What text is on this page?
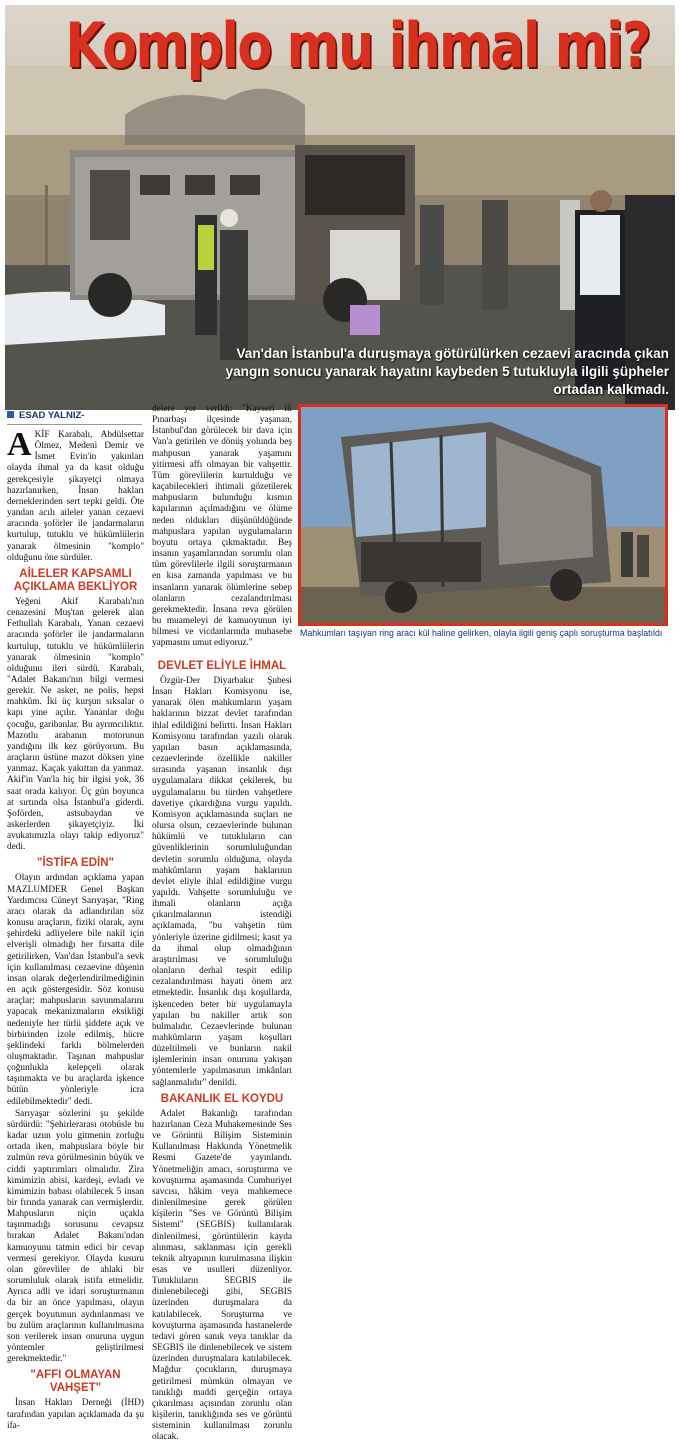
Komplo mu ihmal mi?
Van'dan İstanbul'a duruşmaya götürülürken cezaevi aracında çıkan yangın sonucu yanarak hayatını kaybeden 5 tutukluyla ilgili şüpheler ortadan kalkmadı.
ESAD YALNIZ-

AKİF Karabalı, Abdülsettar Ölmez, Medeni Demir ve İsmet Evin'in yakınları olayda ihmal ya da kasıt olduğu gerekçesiyle şikayetçi olmaya hazırlanırken, İnsan hakları derneklerinden sert tepki geldi. Öte yandan acılı aileler yanan cezaevi aracında şoförler ile jandarmaların kurtulup, tutuklu ve hükümlülerin yanarak ölmesinin "komplo" olduğunu öne sürdüler.

AİLELER KAPSAMLI AÇIKLAMA BEKLİYOR

Yeğeni Akif Karabalı'nın cenazesini Muş'tan gelerek alan Fethullah Karabalı, Yanan cezaevi aracında şoförler ile jandarmaların kurtulup, tutuklu ve hükümlülerin yanarak ölmesinin "komplo" olduğunu ileri sürdü. Karabalı, "Adalet Bakanı'nın bilgi vermesi gerekir. Ne asker, ne polis, hepsi mahkûm. İki üç kurşun sıksalar o kapı yine açılır. Yananlar doğu çocuğu, garibanlar. Bu ayrımcılıktır. Mazotlu arabanın motorunun yandığını ilk kez görüyorum. Bu araçların üstüne mazot döksen yine yanmaz. Kaçak yakıttan da yanmaz. Akif'in Van'la hiç bir ilgisi yok, 36 saat orada kalıyor. Üç gün boyunca at sırtında olsa İstanbul'a giderdi. Şoförden, astsubaydan ve askerlerden şikayetçiyiz. İki avukatımızla olayı takip ediyoruz" dedi.

"İSTİFA EDİN"

Olayın ardından açıklama yapan MAZLUMDER Genel Başkan Yardımcısı Cüneyt Sarıyaşar, "Ring aracı olarak da adlandırılan söz konusu araçların, fiziki olarak, aynı şehirdeki adliyelere bile nakil için elverişli olmadığı her fırsatta dile getirilirken, Van'dan İstanbul'a sevk için kullanılması cezaevine düşenin insan olarak değerlendirilmediğinin en açık göstergesidir. Söz konusu araçlar; mahpusların savunmalarını yapacak mekanizmaların eksikliği nedeniyle her türlü şiddete açık ve birbirinden izole edilmiş, hücre şeklindeki farklı bölmelerden oluşmaktadır. Taşınan mahpuslar çoğunlukla kelepçeli olarak taşınmakta ve bu araçlarda işkence bütün yönleriyle icra edilebilmektedir" dedi.

Sarıyaşar sözlerini şu şekilde sürdürdü: "Şehirlerarası otobüsle bu kadar uzun yolu gitmenin zorluğu ortada iken, mahpuslara böyle bir zulmün reva görülmesinin büyük ve ciddi yaptırımları olmalıdır. Zira kimimizin abisi, kardeşi, evladı ve kimimizin babası olabilecek 5 insan bir fırında yanarak can vermişlerdir. Mahpusların niçin uçakla taşınmadığı sorusunu cevapsız bırakan Adalet Bakanı'ndan kamuoyunu tatmin edici bir cevap vermesi gerekiyor. Olayda kusuru olan görevliler de ahlaki bir sorumluluk olarak istifa etmelidir. Ayrıca adli ve idari soruşturmanın da bir an önce yapılması, olayın gerçek boyutunun aydınlanması ve bu zulüm araçlarının kullanılmasına son verilerek insan onuruna uygun yöntemler geliştirilmesi gerekmektedir."

"AFFI OLMAYAN VAHŞET"

İnsan Hakları Derneği (İHD) tarafından yapılan açıklamada da şu ifa-

delere yer verildi: "Kayseri ili Pınarbaşı ilçesinde yaşanan, İstanbul'dan görülecek bir dava için Van'a getirilen ve dönüş yolunda beş mahpusun yanarak yaşamını yitirmesi affı olmayan bir vahşettir. Tüm görevlilerin kurtulduğu ve kaçabilecekleri ihtimali gözetilerek mahpusların bulunduğu kısmın kapılarının açılmadığını ve ölüme neden oldukları düşünüldüğünde mahpuslara yapılan uygulamaların boyutu ortaya çıkmaktadır. Beş insanın yaşamlarından sorumlu olan tüm görevlilerle ilgili soruşturmanın en kısa zamanda yapılması ve bu insanların yanarak ölümlerine sebep olanların cezalandırılması gerekmektedir. İnsana reva görülen bu muameleyi de kamuoyunun iyi bilmesi ve vicdanlarında muhasebe yapmasını umut ediyoruz."

Mahkumları taşıyan ring aracı kül haline gelirken, olayla ilgili geniş çaplı soruşturma başlatıldı
DEVLET ELİYLE İHMAL

Özgür-Der Diyarbakır Şubesi İnsan Hakları Komisyonu ise, yanarak ölen mahkumların yaşam haklarının bizzat devlet tarafından ihlal edildiğini belirtti. İnsan Hakları Komisyonu tarafından yazılı olarak yapılan basın açıklamasında, cezaevlerinde özellikle nakiller sırasında yaşanan insanlık dışı uygulamalara dikkat çekilerek, bu uygulamaların bu türden vahşetlere davetiye çıkardığına vurgu yapıldı. Komisyon açıklamasında suçları ne olursa olsun, cezaevlerinde bulunan hükümlü ve tutukluların can güvenliklerinin sorumluluğundan devletin sorumlu olduğuna, olayda mahkûmların yaşam haklarının devlet eliyle ihlal edildiğine vurgu yapıldı. Vahşette sorumluluğu ve ihmali olanların açığa çıkarılmalarının istendiği açıklamada, "bu vahşetin tüm yönleriyle üzerine gidilmesi; kasıt ya da ihmal olup olmadığının araştırılması ve sorumluluğu olanların derhal tespit edilip cezalandırılması hayati önem arz etmektedir. İnsanlık dışı koşullarda, işkenceden beter bir uygulamayla yapılan bu nakiller artık son bulmalıdır. Cezaevlerinde bulunan mahkûmların yaşam koşulları düzeltilmeli ve bunların nakil işlemlerinin insan onuruna yakışan yöntemlerle yapılmasının imkânları sağlanmalıdır" denildi.

BAKANLIK EL KOYDU

Adalet Bakanlığı tarafından hazırlanan Ceza Muhakemesinde Ses ve Görüntü Bilişim Sisteminin Kullanılması Hakkında Yönetmelik Resmi Gazete'de yayınlandı. Yönetmeliğin amacı, soruşturma ve kovuşturma aşamasında Cumhuriyet savcısı, hâkim veya mahkemece dinlenilmesine gerek görülen kişilerin "Ses ve Görüntü Bilişim Sistemi" (SEGBIS) kullanılarak dinlenilmesi, görüntülerin kayda alınması, saklanması için gerekli teknik altyapının kurulmasına ilişkin esas ve usulleri düzenliyor. Tutukluların SEGBIS ile dinlenebileceği gibi, SEGBIS üzerinden duruşmalara da katılabilecek. Soruşturma ve kovuşturma aşamasında hastanelerde tedavi gören sanık veya tanıklar da SEGBIS ile dinlenebilecek ve sistem üzerinden duruşmalara katılabilecek. Mağdur çocukların, duruşmaya getirilmesi mümkün olmayan ve tanıklığı maddi gerçeğin ortaya çıkarılması açısından zorunlu olan kişilerin, tanıklığında ses ve görüntü sisteminin kullanılması zorunlu olacak.
